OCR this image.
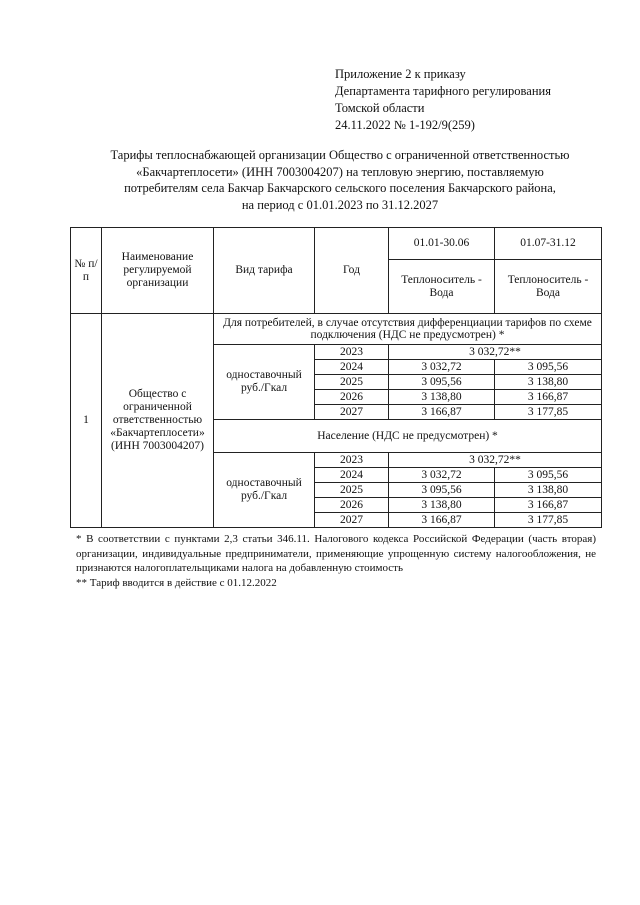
Приложение 2 к приказу
Департамента тарифного регулирования
Томской области
24.11.2022 № 1-192/9(259)
Тарифы теплоснабжающей организации Общество с ограниченной ответственностью
«Бакчартеплосети» (ИНН 7003004207) на тепловую энергию, поставляемую
потребителям села Бакчар Бакчарского сельского поселения Бакчарского района,
на период с 01.01.2023 по 31.12.2027
№ п/п	Наименование регулируемой организации	Вид тарифа	Год	01.01-30.06	01.07-31.12
				Теплоноситель - Вода	Теплоноситель - Вода
1	Общество с ограниченной ответственностью «Бакчартеплосети» (ИНН 7003004207)	Для потребителей, в случае отсутствия дифференциации тарифов по схеме подключения (НДС не предусмотрен) *			
		одноставочный руб./Гкал	2023	3 032,72**	
			2024	3 032,72	3 095,56
			2025	3 095,56	3 138,80
			2026	3 138,80	3 166,87
			2027	3 166,87	3 177,85
		Население (НДС не предусмотрен) *			
		одноставочный руб./Гкал	2023	3 032,72**	
			2024	3 032,72	3 095,56
			2025	3 095,56	3 138,80
			2026	3 138,80	3 166,87
			2027	3 166,87	3 177,85

* В соответствии с пунктами 2,3 статьи 346.11. Налогового кодекса Российской Федерации (часть вторая) организации, индивидуальные предприниматели, применяющие упрощенную систему налогообложения, не признаются налогоплательщиками налога на добавленную стоимость

** Тариф вводится в действие с 01.12.2022
